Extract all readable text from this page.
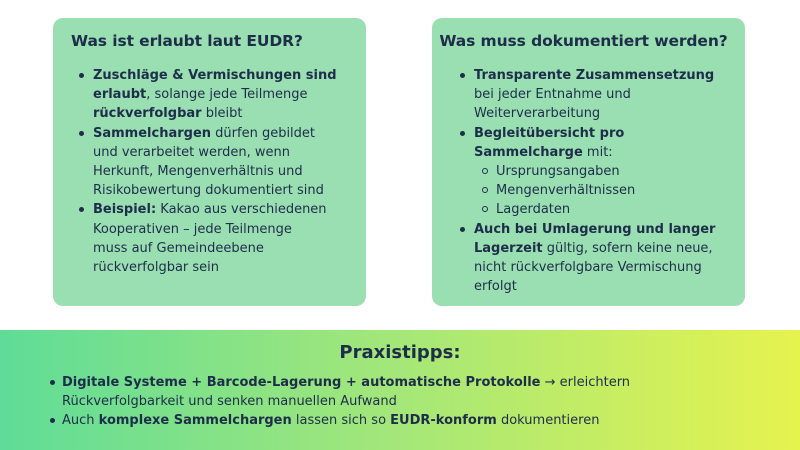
Was ist erlaubt laut EUDR?
Zuschläge & Vermischungen sind
erlaubt, solange jede Teilmenge
rückverfolgbar bleibt
Sammelchargen dürfen gebildet
und verarbeitet werden, wenn
Herkunft, Mengenverhältnis und
Risikobewertung dokumentiert sind
Beispiel: Kakao aus verschiedenen
Kooperativen – jede Teilmenge
muss auf Gemeindeebene
rückverfolgbar sein
Was muss dokumentiert werden?
Transparente Zusammensetzung
bei jeder Entnahme und
Weiterverarbeitung
Begleitübersicht pro
Sammelcharge mit:
Ursprungsangaben
Mengenverhältnissen
Lagerdaten
Auch bei Umlagerung und langer
Lagerzeit gültig, sofern keine neue,
nicht rückverfolgbare Vermischung
erfolgt
Praxistipps:
Digitale Systeme + Barcode-Lagerung + automatische Protokolle → erleichtern
Rückverfolgbarkeit und senken manuellen Aufwand
Auch komplexe Sammelchargen lassen sich so EUDR-konform dokumentieren
